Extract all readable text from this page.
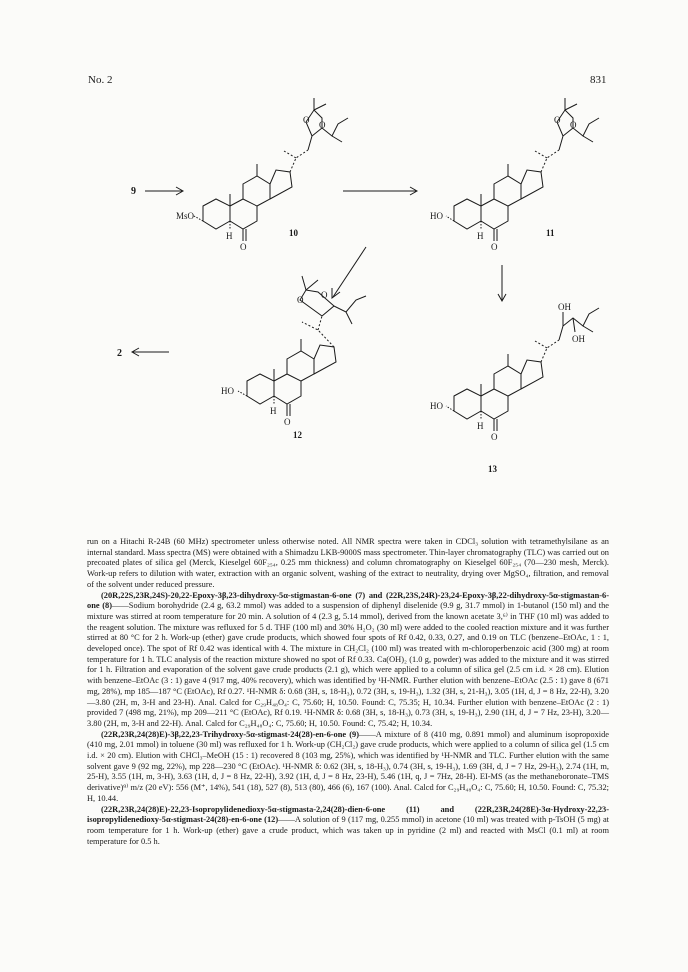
No. 2	831
9
2
MsO
H
O
O O
10
HO
H
O
O O
11
HO
H
O
O O
12
HO
H
O
OH
OH
13

run on a Hitachi R-24B (60 MHz) spectrometer unless otherwise noted. All NMR spectra were taken in CDCl₃ solution with tetramethylsilane as an internal standard. Mass spectra (MS) were obtained with a Shimadzu LKB-9000S mass spectrometer. Thin-layer chromatography (TLC) was carried out on precoated plates of silica gel (Merck, Kieselgel 60F₂₅₄, 0.25 mm thickness) and column chromatography on Kieselgel 60F₂₅₄ (70—230 mesh, Merck). Work-up refers to dilution with water, extraction with an organic solvent, washing of the extract to neutrality, drying over MgSO₄, filtration, and removal of the solvent under reduced pressure.

(20R,22S,23R,24S)-20,22-Epoxy-3β,23-dihydroxy-5α-stigmastan-6-one (7) and (22R,23S,24R)-23,24-Epoxy-3β,22-dihydroxy-5α-stigmastan-6-one (8)——Sodium borohydride (2.4 g, 63.2 mmol) was added to a suspension of diphenyl diselenide (9.9 g, 31.7 mmol) in 1-butanol (150 ml) and the mixture was stirred at room temperature for 20 min. A solution of 4 (2.3 g, 5.14 mmol), derived from the known acetate 3,⁶⁾ in THF (10 ml) was added to the reagent solution. The mixture was refluxed for 5 d. THF (100 ml) and 30% H₂O₂ (30 ml) were added to the cooled reaction mixture and it was further stirred at 80 °C for 2 h. Work-up (ether) gave crude products, which showed four spots of Rf 0.42, 0.33, 0.27, and 0.19 on TLC (benzene–EtOAc, 1 : 1, developed once). The spot of Rf 0.42 was identical with 4. The mixture in CH₂Cl₂ (100 ml) was treated with m-chloroperbenzoic acid (300 mg) at room temperature for 1 h. TLC analysis of the reaction mixture showed no spot of Rf 0.33. Ca(OH)₂ (1.0 g, powder) was added to the mixture and it was stirred for 1 h. Filtration and evaporation of the solvent gave crude products (2.1 g), which were applied to a column of silica gel (2.5 cm i.d. × 28 cm). Elution with benzene–EtOAc (3 : 1) gave 4 (917 mg, 40% recovery), which was identified by ¹H-NMR. Further elution with benzene–EtOAc (2.5 : 1) gave 8 (671 mg, 28%), mp 185—187 °C (EtOAc), Rf 0.27. ¹H-NMR δ: 0.68 (3H, s, 18-H₃), 0.72 (3H, s, 19-H₃), 1.32 (3H, s, 21-H₃), 3.05 (1H, d, J = 8 Hz, 22-H), 3.20—3.80 (2H, m, 3-H and 23-H). Anal. Calcd for C₂₉H₄₈O₄: C, 75.60; H, 10.50. Found: C, 75.35; H, 10.34. Further elution with benzene–EtOAc (2 : 1) provided 7 (498 mg, 21%), mp 209—211 °C (EtOAc), Rf 0.19. ¹H-NMR δ: 0.68 (3H, s, 18-H₃), 0.73 (3H, s, 19-H₃), 2.90 (1H, d, J = 7 Hz, 23-H), 3.20—3.80 (2H, m, 3-H and 22-H). Anal. Calcd for C₂₉H₄₈O₄: C, 75.60; H, 10.50. Found: C, 75.42; H, 10.34.

(22R,23R,24(28)E)-3β,22,23-Trihydroxy-5α-stigmast-24(28)-en-6-one (9)——A mixture of 8 (410 mg, 0.891 mmol) and aluminum isopropoxide (410 mg, 2.01 mmol) in toluene (30 ml) was refluxed for 1 h. Work-up (CH₂Cl₂) gave crude products, which were applied to a column of silica gel (1.5 cm i.d. × 20 cm). Elution with CHCl₃–MeOH (15 : 1) recovered 8 (103 mg, 25%), which was identified by ¹H-NMR and TLC. Further elution with the same solvent gave 9 (92 mg, 22%), mp 228—230 °C (EtOAc). ¹H-NMR δ: 0.62 (3H, s, 18-H₃), 0.74 (3H, s, 19-H₃), 1.69 (3H, d, J = 7 Hz, 29-H₃), 2.74 (1H, m, 25-H), 3.55 (1H, m, 3-H), 3.63 (1H, d, J = 8 Hz, 22-H), 3.92 (1H, d, J = 8 Hz, 23-H), 5.46 (1H, q, J = 7Hz, 28-H). EI-MS (as the methaneboronate–TMS derivative)⁹⁾ m/z (20 eV): 556 (M⁺, 14%), 541 (18), 527 (8), 513 (80), 466 (6), 167 (100). Anal. Calcd for C₂₉H₄₈O₄: C, 75.60; H, 10.50. Found: C, 75.32; H, 10.44.

(22R,23R,24(28)E)-22,23-Isopropylidenedioxy-5α-stigmasta-2,24(28)-dien-6-one (11) and (22R,23R,24(28E)-3α-Hydroxy-22,23-isopropylidenedioxy-5α-stigmast-24(28)-en-6-one (12)——A solution of 9 (117 mg, 0.255 mmol) in acetone (10 ml) was treated with p-TsOH (5 mg) at room temperature for 1 h. Work-up (ether) gave a crude product, which was taken up in pyridine (2 ml) and reacted with MsCl (0.1 ml) at room temperature for 0.5 h.
